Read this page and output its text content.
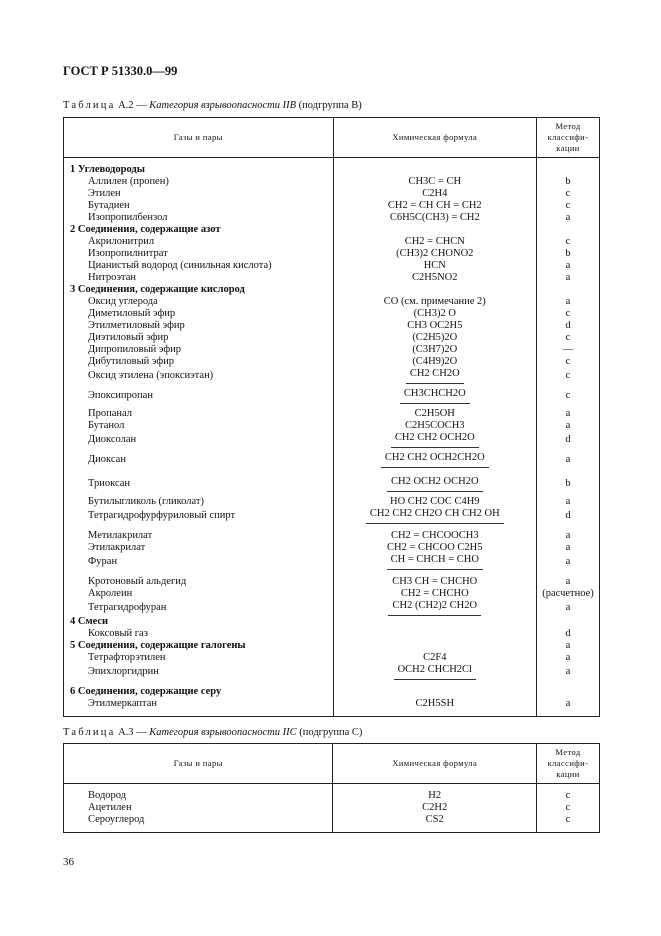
ГОСТ Р 51330.0—99
Таблица А.2 — Категория взрывоопасности IIB (подгруппа В)
Газы и пары	Химическая формула	Метод классифи- кации

1 Углеводороды		
Аллилен (пропен)	CH3C = CH	b
Этилен	C2H4	c
Бутадиен	CH2 = CH CH = CH2	c
Изопропилбензол	C6H5C(CH3) = CH2	a
2 Соединения, содержащие азот		
Акрилонитрил	CH2 = CHCN	c
Изопропилнитрат	(CH3)2 CHONO2	b
Цианистый водород (синильная кислота)	HCN	a
Нитроэтан	C2H5NO2	a
3 Соединения, содержащие кислород		
Оксид углерода	CO (см. примечание 2)	a
Диметиловый эфир	(CH3)2 O	c
Этилметиловый эфир	CH3 OC2H5	d
Диэтиловый эфир	(C2H5)2O	c
Дипропиловый эфир	(C3H7)2O	—
Дибутиловый эфир	(C4H9)2O	c
Оксид этилена (эпоксиэтан)	CH2 CH2O	c
Эпоксипропан	CH3CHCH2O	c
Пропанал	C2H5OH	a
Бутанол	C2H5COCH3	a
Диоксолан	CH2 CH2 OCH2O	d
Диоксан	CH2 CH2 OCH2CH2O	a
Триоксан	CH2 OCH2 OCH2O	b
Бутилыгликоль (гликолат)	HO CH2 COC C4H9	a
Тетрагидрофурфуриловый спирт	CH2 CH2 CH2O CH CH2 OH	d

Метилакрилат	CH2 = CHCOOCH3	a
Этилакрилат	CH2 = CHCOO C2H5	a
Фуран	CH = CHCH = CHO	a

Кротоновый альдегид	CH3 CH = CHCHO	a
Акролеин	CH2 = CHCHO	(расчетное)
Тетрагидрофуран	CH2 (CH2)2 CH2O	a
4 Смеси		
Коксовый газ		d
5 Соединения, содержащие галогены		a
Тетрафторэтилен	C2F4	a
Эпихлоргидрин	OCH2 CHCH2Cl	a

6 Соединения, содержащие серу		
Этилмеркаптан	C2H5SH	a

Таблица А.3 — Категория взрывоопасности IIC (подгруппа С)
Газы и пары	Химическая формула	Метод классифи- кации

Водород	H2	c
Ацетилен	C2H2	c
Сероуглерод	CS2	c

36
